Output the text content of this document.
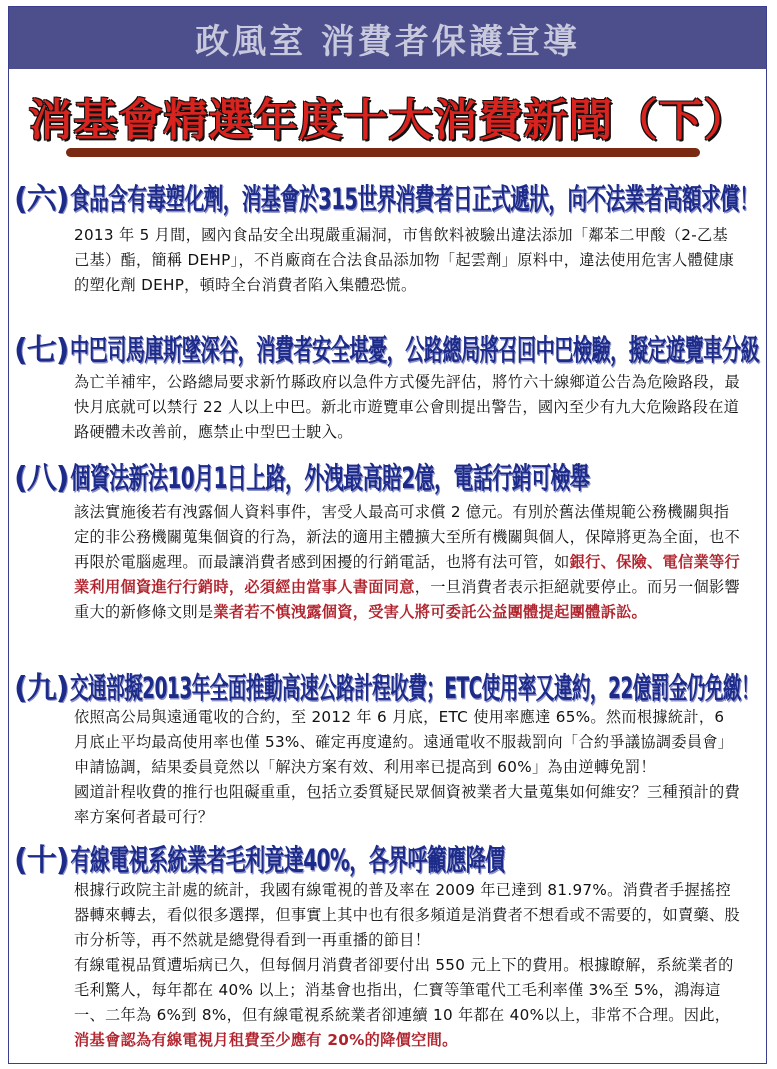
政風室 消費者保護宣導
消基會精選年度十大消費新聞（下）
(六) 食品含有毒塑化劑，消基會於315世界消費者日正式遞狀，向不法業者高額求償！
2013 年 5 月間，國內食品安全出現嚴重漏洞，市售飲料被驗出違法添加「鄰苯二甲酸（2-乙基己基）酯，簡稱 DEHP」，不肖廠商在合法食品添加物「起雲劑」原料中，違法使用危害人體健康的塑化劑 DEHP，頓時全台消費者陷入集體恐慌。
(七) 中巴司馬庫斯墜深谷，消費者安全堪憂，公路總局將召回中巴檢驗，擬定遊覽車分級
為亡羊補牢，公路總局要求新竹縣政府以急件方式優先評估，將竹六十線鄉道公告為危險路段，最快月底就可以禁行 22 人以上中巴。新北市遊覽車公會則提出警告，國內至少有九大危險路段在道路硬體未改善前，應禁止中型巴士駛入。
(八) 個資法新法10月1日上路，外洩最高賠2億，電話行銷可檢舉
該法實施後若有洩露個人資料事件，害受人最高可求償 2 億元。有別於舊法僅規範公務機關與指定的非公務機關蒐集個資的行為，新法的適用主體擴大至所有機關與個人，保障將更為全面，也不再限於電腦處理。而最讓消費者感到困擾的行銷電話，也將有法可管，如銀行、保險、電信業等行業利用個資進行行銷時，必須經由當事人書面同意，一旦消費者表示拒絕就要停止。而另一個影響重大的新修條文則是業者若不慎洩露個資，受害人將可委託公益團體提起團體訴訟。
(九) 交通部擬2013年全面推動高速公路計程收費；ETC使用率又違約，22億罰金仍免繳！
依照高公局與遠通電收的合約，至 2012 年 6 月底，ETC 使用率應達 65%。然而根據統計，6 月底止平均最高使用率也僅 53%、確定再度違約。遠通電收不服裁罰向「合約爭議協調委員會」申請協調，結果委員竟然以「解決方案有效、利用率已提高到 60%」為由逆轉免罰！
國道計程收費的推行也阻礙重重，包括立委質疑民眾個資被業者大量蒐集如何維安？三種預計的費率方案何者最可行？
(十) 有線電視系統業者毛利竟達40%，各界呼籲應降價
根據行政院主計處的統計，我國有線電視的普及率在 2009 年已達到 81.97%。消費者手握搖控器轉來轉去，看似很多選擇，但事實上其中也有很多頻道是消費者不想看或不需要的，如賣藥、股市分析等，再不然就是總覺得看到一再重播的節目！
有線電視品質遭垢病已久，但每個月消費者卻要付出 550 元上下的費用。根據瞭解，系統業者的毛利驚人，每年都在 40% 以上；消基會也指出，仁寶等筆電代工毛利率僅 3%至 5%，鴻海這一、二年為 6%到 8%，但有線電視系統業者卻連續 10 年都在 40%以上，非常不合理。因此，消基會認為有線電視月租費至少應有 20%的降價空間。
